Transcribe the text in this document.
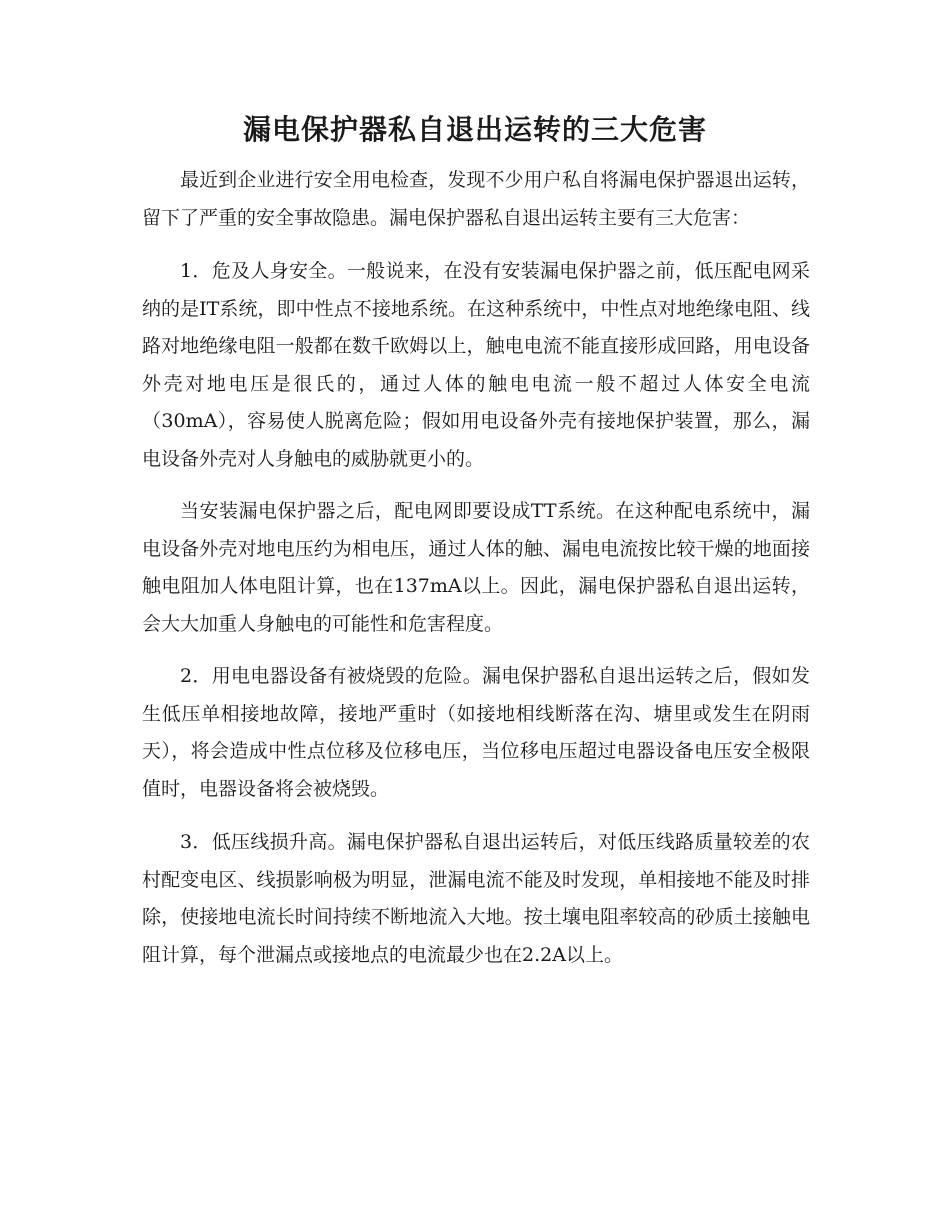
漏电保护器私自退出运转的三大危害

最近到企业进行安全用电检查，发现不少用户私自将漏电保护器退出运转，留下了严重的安全事故隐患。漏电保护器私自退出运转主要有三大危害：

1．危及人身安全。一般说来，在没有安装漏电保护器之前，低压配电网采纳的是IT系统，即中性点不接地系统。在这种系统中，中性点对地绝缘电阻、线路对地绝缘电阻一般都在数千欧姆以上，触电电流不能直接形成回路，用电设备外壳对地电压是很氏的，通过人体的触电电流一般不超过人体安全电流（30mA），容易使人脱离危险；假如用电设备外壳有接地保护装置，那么，漏电设备外壳对人身触电的威胁就更小的。

当安装漏电保护器之后，配电网即要设成TT系统。在这种配电系统中，漏电设备外壳对地电压约为相电压，通过人体的触、漏电电流按比较干燥的地面接触电阻加人体电阻计算，也在137mA以上。因此，漏电保护器私自退出运转，会大大加重人身触电的可能性和危害程度。

2．用电电器设备有被烧毁的危险。漏电保护器私自退出运转之后，假如发生低压单相接地故障，接地严重时（如接地相线断落在沟、塘里或发生在阴雨天），将会造成中性点位移及位移电压，当位移电压超过电器设备电压安全极限值时，电器设备将会被烧毁。

3．低压线损升高。漏电保护器私自退出运转后，对低压线路质量较差的农村配变电区、线损影响极为明显，泄漏电流不能及时发现，单相接地不能及时排除，使接地电流长时间持续不断地流入大地。按土壤电阻率较高的砂质土接触电阻计算，每个泄漏点或接地点的电流最少也在2.2A以上。
